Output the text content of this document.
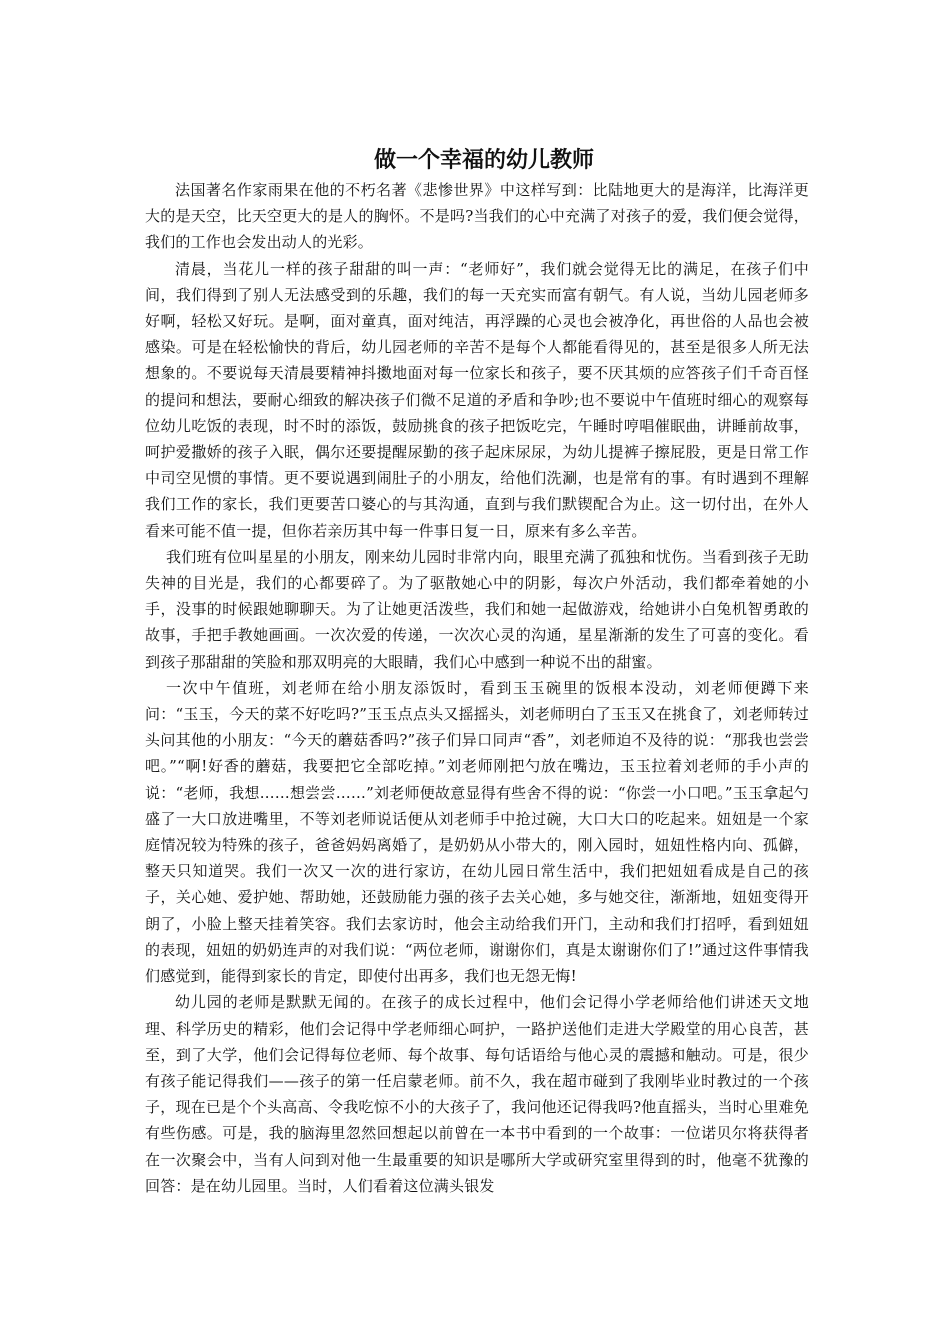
做一个幸福的幼儿教师

法国著名作家雨果在他的不朽名著《悲惨世界》中这样写到：比陆地更大的是海洋，比海洋更大的是天空，比天空更大的是人的胸怀。不是吗?当我们的心中充满了对孩子的爱，我们便会觉得，我们的工作也会发出动人的光彩。

清晨，当花儿一样的孩子甜甜的叫一声：“老师好”，我们就会觉得无比的满足，在孩子们中间，我们得到了别人无法感受到的乐趣，我们的每一天充实而富有朝气。有人说，当幼儿园老师多好啊，轻松又好玩。是啊，面对童真，面对纯洁，再浮躁的心灵也会被净化，再世俗的人品也会被感染。可是在轻松愉快的背后，幼儿园老师的辛苦不是每个人都能看得见的，甚至是很多人所无法想象的。不要说每天清晨要精神抖擞地面对每一位家长和孩子，要不厌其烦的应答孩子们千奇百怪的提问和想法，要耐心细致的解决孩子们微不足道的矛盾和争吵;也不要说中午值班时细心的观察每位幼儿吃饭的表现，时不时的添饭，鼓励挑食的孩子把饭吃完，午睡时哼唱催眠曲，讲睡前故事，呵护爱撒娇的孩子入眠，偶尔还要提醒尿勤的孩子起床尿尿，为幼儿提裤子擦屁股，更是日常工作中司空见惯的事情。更不要说遇到闹肚子的小朋友，给他们洗涮，也是常有的事。有时遇到不理解我们工作的家长，我们更要苦口婆心的与其沟通，直到与我们默锲配合为止。这一切付出，在外人看来可能不值一提，但你若亲历其中每一件事日复一日，原来有多么辛苦。

我们班有位叫星星的小朋友，刚来幼儿园时非常内向，眼里充满了孤独和忧伤。当看到孩子无助失神的目光是，我们的心都要碎了。为了驱散她心中的阴影，每次户外活动，我们都牵着她的小手，没事的时候跟她聊聊天。为了让她更活泼些，我们和她一起做游戏，给她讲小白兔机智勇敢的故事，手把手教她画画。一次次爱的传递，一次次心灵的沟通，星星渐渐的发生了可喜的变化。看到孩子那甜甜的笑脸和那双明亮的大眼睛，我们心中感到一种说不出的甜蜜。

一次中午值班，刘老师在给小朋友添饭时，看到玉玉碗里的饭根本没动，刘老师便蹲下来问：“玉玉，今天的菜不好吃吗?”玉玉点点头又摇摇头，刘老师明白了玉玉又在挑食了，刘老师转过头问其他的小朋友：“今天的蘑菇香吗?”孩子们异口同声“香”，刘老师迫不及待的说：“那我也尝尝吧。”“啊!好香的蘑菇，我要把它全部吃掉。”刘老师刚把勺放在嘴边，玉玉拉着刘老师的手小声的说：“老师，我想……想尝尝……”刘老师便故意显得有些舍不得的说：“你尝一小口吧。”玉玉拿起勺盛了一大口放进嘴里，不等刘老师说话便从刘老师手中抢过碗，大口大口的吃起来。妞妞是一个家庭情况较为特殊的孩子，爸爸妈妈离婚了，是奶奶从小带大的，刚入园时，妞妞性格内向、孤僻，整天只知道哭。我们一次又一次的进行家访，在幼儿园日常生活中，我们把妞妞看成是自己的孩子，关心她、爱护她、帮助她，还鼓励能力强的孩子去关心她，多与她交往，渐渐地，妞妞变得开朗了，小脸上整天挂着笑容。我们去家访时，他会主动给我们开门，主动和我们打招呼，看到妞妞的表现，妞妞的奶奶连声的对我们说：“两位老师，谢谢你们，真是太谢谢你们了!”通过这件事情我们感觉到，能得到家长的肯定，即使付出再多，我们也无怨无悔!

幼儿园的老师是默默无闻的。在孩子的成长过程中，他们会记得小学老师给他们讲述天文地理、科学历史的精彩，他们会记得中学老师细心呵护，一路护送他们走进大学殿堂的用心良苦，甚至，到了大学，他们会记得每位老师、每个故事、每句话语给与他心灵的震撼和触动。可是，很少有孩子能记得我们——孩子的第一任启蒙老师。前不久，我在超市碰到了我刚毕业时教过的一个孩子，现在已是个个头高高、令我吃惊不小的大孩子了，我问他还记得我吗?他直摇头，当时心里难免有些伤感。可是，我的脑海里忽然回想起以前曾在一本书中看到的一个故事：一位诺贝尔将获得者在一次聚会中，当有人问到对他一生最重要的知识是哪所大学或研究室里得到的时，他毫不犹豫的回答：是在幼儿园里。当时，人们看着这位满头银发
